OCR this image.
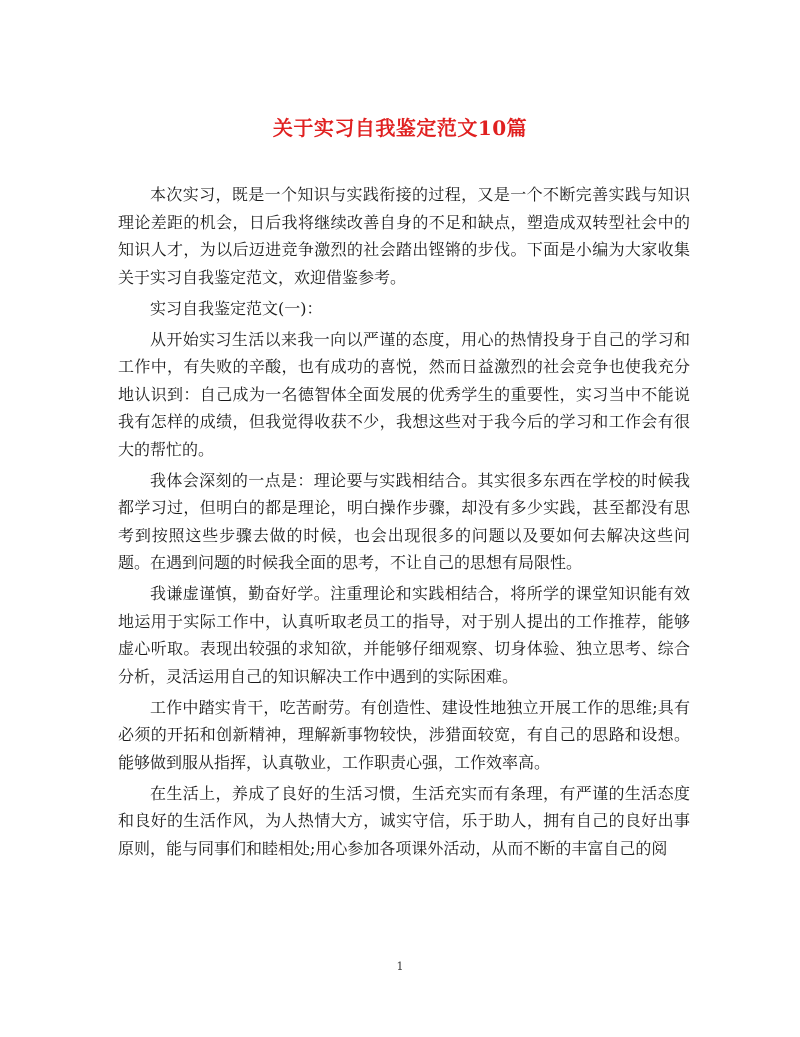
关于实习自我鉴定范文10篇

本次实习，既是一个知识与实践衔接的过程，又是一个不断完善实践与知识理论差距的机会，日后我将继续改善自身的不足和缺点，塑造成双转型社会中的知识人才，为以后迈进竞争激烈的社会踏出铿锵的步伐。下面是小编为大家收集关于实习自我鉴定范文，欢迎借鉴参考。

实习自我鉴定范文(一)：

从开始实习生活以来我一向以严谨的态度，用心的热情投身于自己的学习和工作中，有失败的辛酸，也有成功的喜悦，然而日益激烈的社会竞争也使我充分地认识到：自己成为一名德智体全面发展的优秀学生的重要性，实习当中不能说我有怎样的成绩，但我觉得收获不少，我想这些对于我今后的学习和工作会有很大的帮忙的。

我体会深刻的一点是：理论要与实践相结合。其实很多东西在学校的时候我都学习过，但明白的都是理论，明白操作步骤，却没有多少实践，甚至都没有思考到按照这些步骤去做的时候，也会出现很多的问题以及要如何去解决这些问题。在遇到问题的时候我全面的思考，不让自己的思想有局限性。

我谦虚谨慎，勤奋好学。注重理论和实践相结合，将所学的课堂知识能有效地运用于实际工作中，认真听取老员工的指导，对于别人提出的工作推荐，能够虚心听取。表现出较强的求知欲，并能够仔细观察、切身体验、独立思考、综合分析，灵活运用自己的知识解决工作中遇到的实际困难。

工作中踏实肯干，吃苦耐劳。有创造性、建设性地独立开展工作的思维;具有必须的开拓和创新精神，理解新事物较快，涉猎面较宽，有自己的思路和设想。能够做到服从指挥，认真敬业，工作职责心强，工作效率高。

在生活上，养成了良好的生活习惯，生活充实而有条理，有严谨的生活态度和良好的生活作风，为人热情大方，诚实守信，乐于助人，拥有自己的良好出事原则，能与同事们和睦相处;用心参加各项课外活动，从而不断的丰富自己的阅

1
